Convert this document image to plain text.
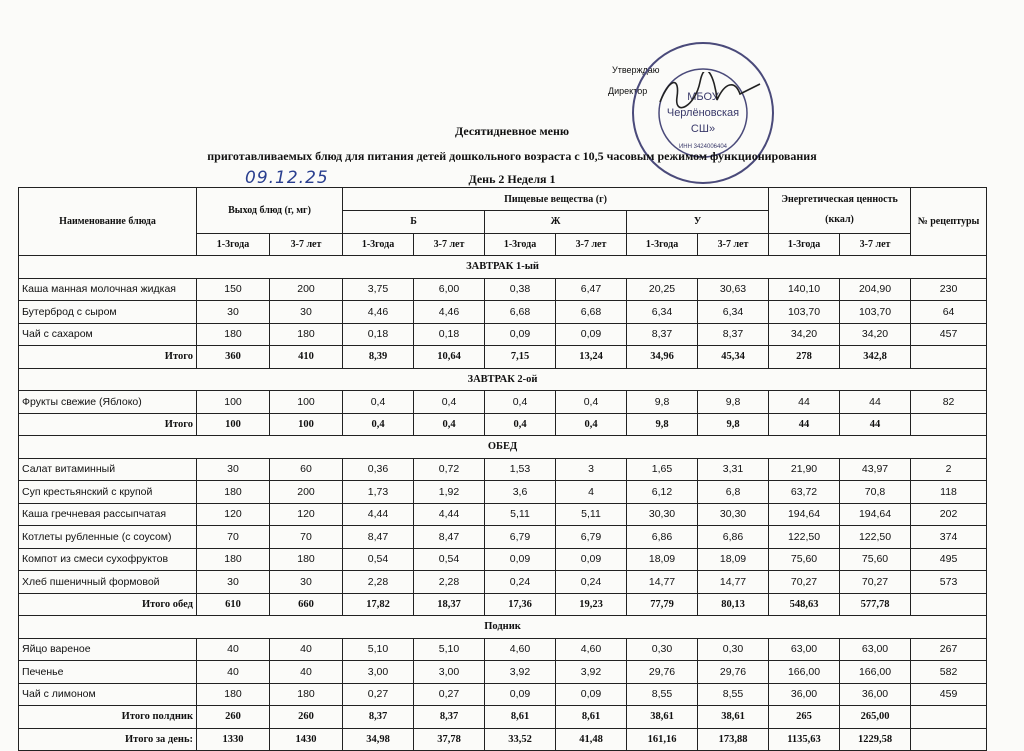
Утверждаю
Директор	МБОУ
Черлёновская
СШ»
ИНН 3424006404
Десятидневное меню
приготавливаемых блюд для питания детей дошкольного возраста с 10,5 часовым режимом функционирования
День 2 Неделя 1
09.12.25
Наименование блюда	Выход блюд (г, мг)		Пищевые вещества (г)						Энергетическая ценность (ккал)		№ рецептуры
			Б		Ж		У				
	1-3года	3-7 лет	1-3года	3-7 лет	1-3года	3-7 лет	1-3года	3-7 лет	1-3года	3-7 лет	
ЗАВТРАК 1-ый											
Каша манная молочная жидкая	150	200	3,75	6,00	0,38	6,47	20,25	30,63	140,10	204,90	230
Бутерброд с сыром	30	30	4,46	4,46	6,68	6,68	6,34	6,34	103,70	103,70	64
Чай с сахаром	180	180	0,18	0,18	0,09	0,09	8,37	8,37	34,20	34,20	457
Итого	360	410	8,39	10,64	7,15	13,24	34,96	45,34	278	342,8	
ЗАВТРАК 2-ой											
Фрукты свежие (Яблоко)	100	100	0,4	0,4	0,4	0,4	9,8	9,8	44	44	82
Итого	100	100	0,4	0,4	0,4	0,4	9,8	9,8	44	44	
ОБЕД											
Салат витаминный	30	60	0,36	0,72	1,53	3	1,65	3,31	21,90	43,97	2
Суп крестьянский с крупой	180	200	1,73	1,92	3,6	4	6,12	6,8	63,72	70,8	118
Каша гречневая рассыпчатая	120	120	4,44	4,44	5,11	5,11	30,30	30,30	194,64	194,64	202
Котлеты рубленные (с соусом)	70	70	8,47	8,47	6,79	6,79	6,86	6,86	122,50	122,50	374
Компот из смеси сухофруктов	180	180	0,54	0,54	0,09	0,09	18,09	18,09	75,60	75,60	495
Хлеб пшеничный формовой	30	30	2,28	2,28	0,24	0,24	14,77	14,77	70,27	70,27	573
Итого обед	610	660	17,82	18,37	17,36	19,23	77,79	80,13	548,63	577,78	
Подник											
Яйцо вареное	40	40	5,10	5,10	4,60	4,60	0,30	0,30	63,00	63,00	267
Печенье	40	40	3,00	3,00	3,92	3,92	29,76	29,76	166,00	166,00	582
Чай с лимоном	180	180	0,27	0,27	0,09	0,09	8,55	8,55	36,00	36,00	459
Итого полдник	260	260	8,37	8,37	8,61	8,61	38,61	38,61	265	265,00	
Итого за день:	1330	1430	34,98	37,78	33,52	41,48	161,16	173,88	1135,63	1229,58	
